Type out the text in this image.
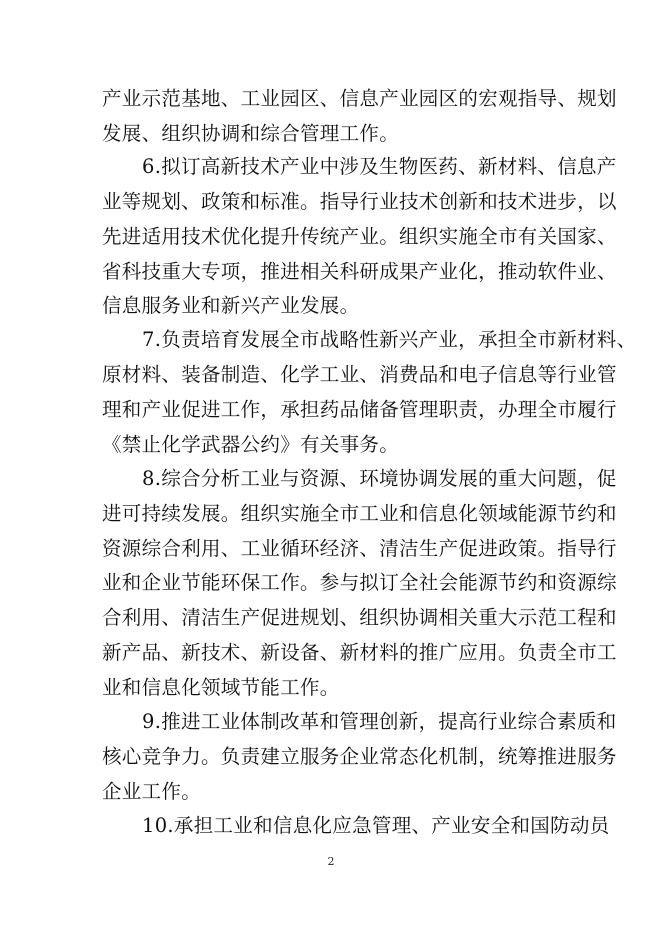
产业示范基地、工业园区、信息产业园区的宏观指导、规划
发展、组织协调和综合管理工作。
6.拟订高新技术产业中涉及生物医药、新材料、信息产
业等规划、政策和标准。指导行业技术创新和技术进步，以
先进适用技术优化提升传统产业。组织实施全市有关国家、
省科技重大专项，推进相关科研成果产业化，推动软件业、
信息服务业和新兴产业发展。
7.负责培育发展全市战略性新兴产业，承担全市新材料、
原材料、装备制造、化学工业、消费品和电子信息等行业管
理和产业促进工作，承担药品储备管理职责，办理全市履行
《禁止化学武器公约》有关事务。
8.综合分析工业与资源、环境协调发展的重大问题，促
进可持续发展。组织实施全市工业和信息化领域能源节约和
资源综合利用、工业循环经济、清洁生产促进政策。指导行
业和企业节能环保工作。参与拟订全社会能源节约和资源综
合利用、清洁生产促进规划、组织协调相关重大示范工程和
新产品、新技术、新设备、新材料的推广应用。负责全市工
业和信息化领域节能工作。
9.推进工业体制改革和管理创新，提高行业综合素质和
核心竞争力。负责建立服务企业常态化机制，统筹推进服务
企业工作。
10.承担工业和信息化应急管理、产业安全和国防动员
2
